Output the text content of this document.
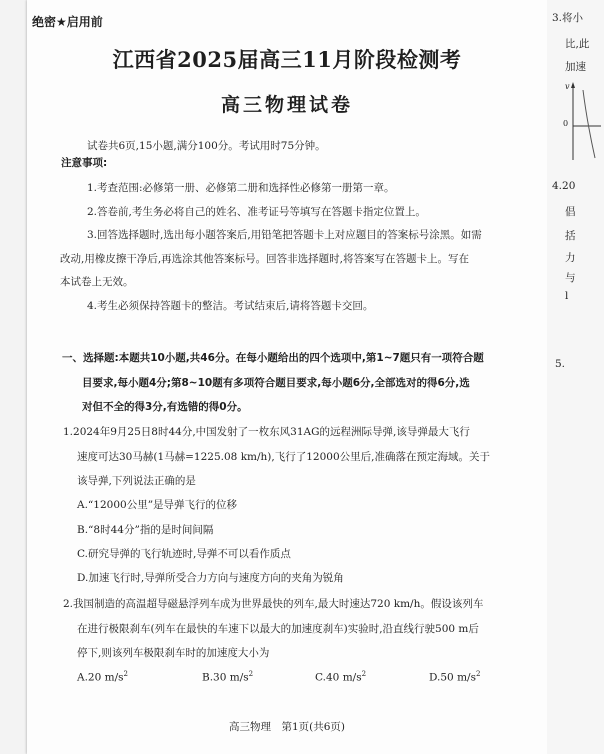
绝密★启用前
江西省2025届高三11月阶段检测考
高三物理试卷
试卷共6页,15小题,满分100分。考试用时75分钟。
注意事项:
1.考查范围:必修第一册、必修第二册和选择性必修第一册第一章。
2.答卷前,考生务必将自己的姓名、准考证号等填写在答题卡指定位置上。
3.回答选择题时,选出每小题答案后,用铅笔把答题卡上对应题目的答案标号涂黑。如需
改动,用橡皮擦干净后,再选涂其他答案标号。回答非选择题时,将答案写在答题卡上。写在
本试卷上无效。
4.考生必须保持答题卡的整洁。考试结束后,请将答题卡交回。
一、选择题:本题共10小题,共46分。在每小题给出的四个选项中,第1~7题只有一项符合题
目要求,每小题4分;第8~10题有多项符合题目要求,每小题6分,全部选对的得6分,选
对但不全的得3分,有选错的得0分。
1.2024年9月25日8时44分,中国发射了一枚东风31AG的远程洲际导弹,该导弹最大飞行
速度可达30马赫(1马赫=1225.08 km/h),飞行了12000公里后,准确落在预定海域。关于
该导弹,下列说法正确的是
A.“12000公里”是导弹飞行的位移
B.“8时44分”指的是时间间隔
C.研究导弹的飞行轨迹时,导弹不可以看作质点
D.加速飞行时,导弹所受合力方向与速度方向的夹角为锐角
2.我国制造的高温超导磁悬浮列车成为世界最快的列车,最大时速达720 km/h。假设该列车
在进行极限刹车(列车在最快的车速下以最大的加速度刹车)实验时,沿直线行驶500 m后
停下,则该列车极限刹车时的加速度大小为
A.20 $m/s^2$	B.30 $m/s^2$	C.40 $m/s^2$	D.50 $m/s^2$
高三物理　第1页(共6页)
3.将小
比,此
加速
v
0
4.20
倡
括
力
与
l
5.
